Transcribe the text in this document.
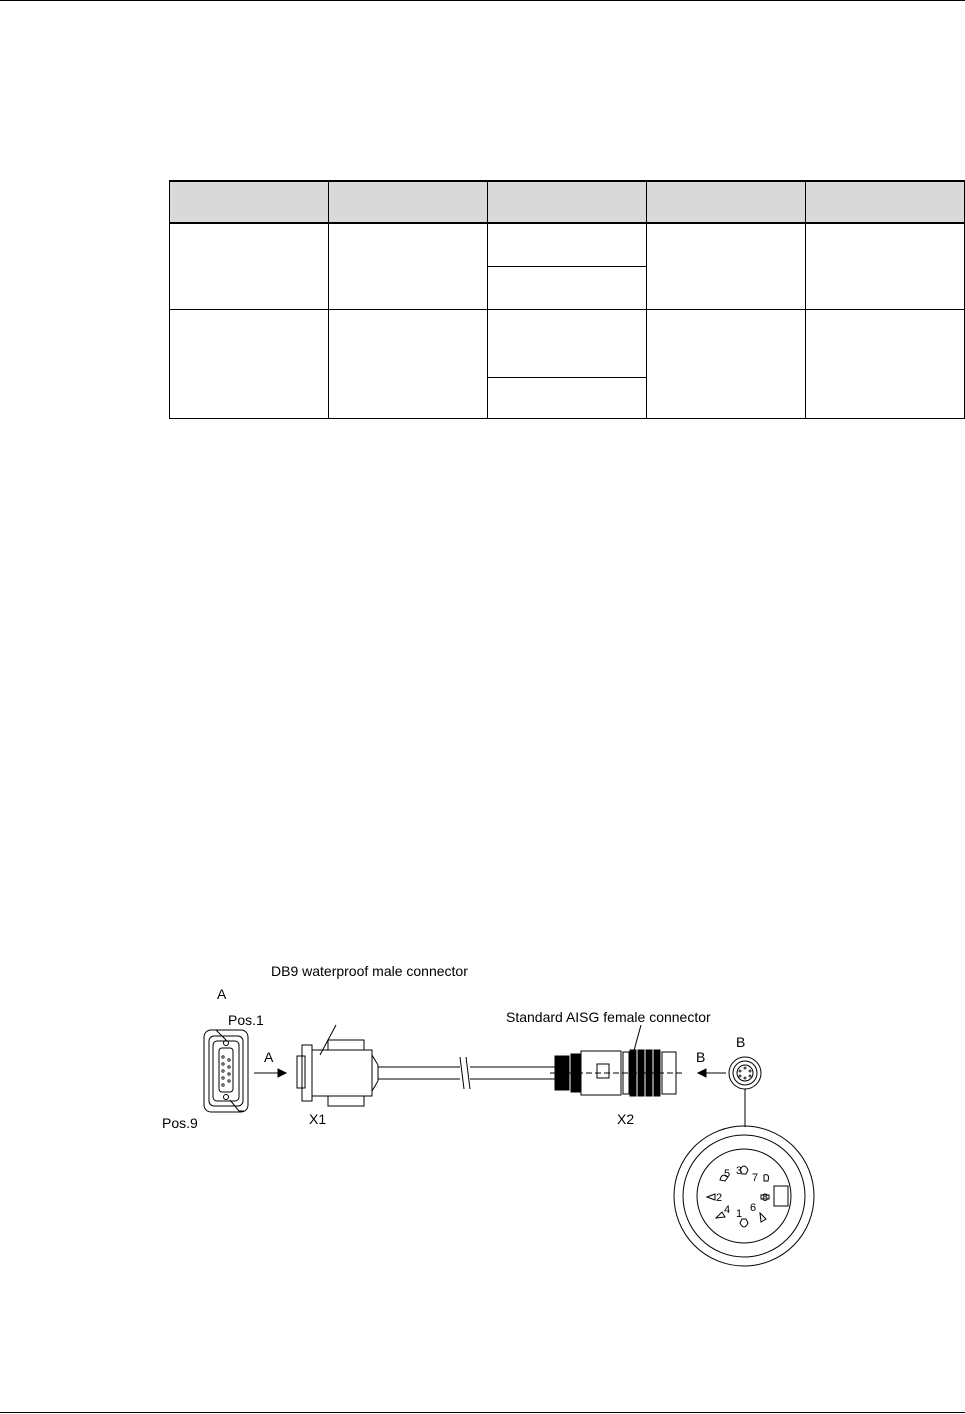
DB9 waterproof male connector
Standard AISG female connector
A
Pos.1
Pos.9
A
X1	X2
B
B
5 3
7
2	8
4 1 6
